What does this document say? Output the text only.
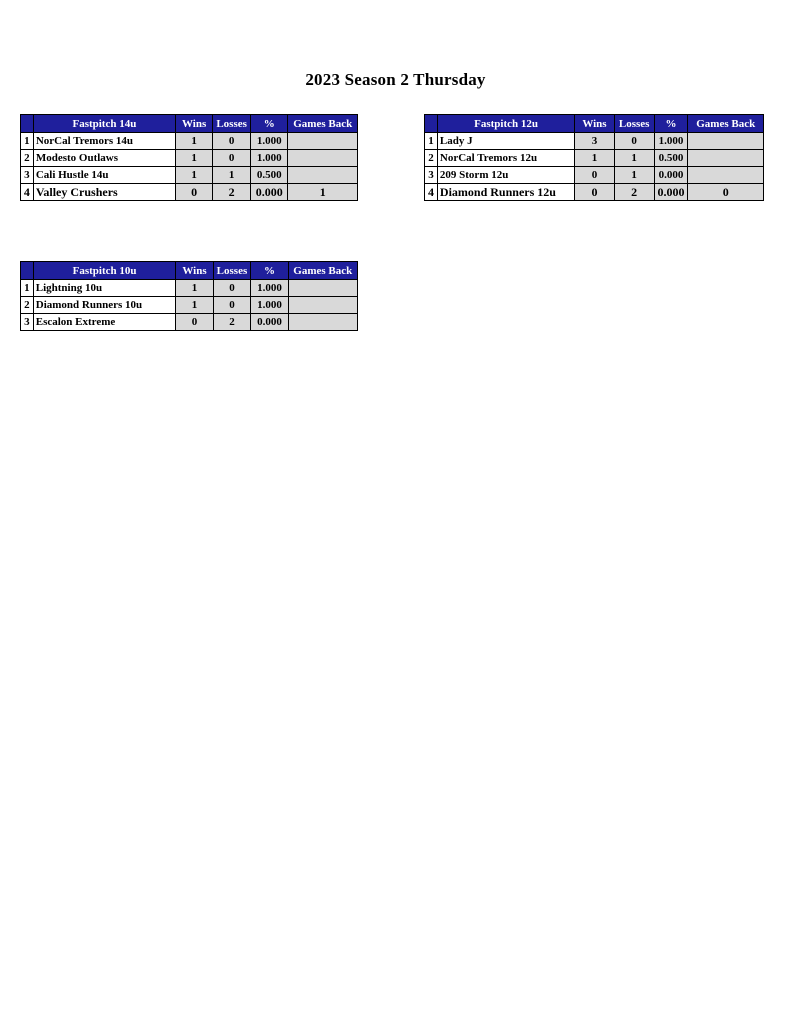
2023 Season 2 Thursday
	Fastpitch 14u	Wins	Losses	%	Games Back
1	NorCal Tremors 14u	1	0	1.000	
2	Modesto Outlaws	1	0	1.000	
3	Cali Hustle 14u	1	1	0.500	
4	Valley Crushers	0	2	0.000	1
	Fastpitch 12u	Wins	Losses	%	Games Back
1	Lady J	3	0	1.000	
2	NorCal Tremors 12u	1	1	0.500	
3	209 Storm 12u	0	1	0.000	
4	Diamond Runners 12u	0	2	0.000	0
	Fastpitch 10u	Wins	Losses	%	Games Back
1	Lightning 10u	1	0	1.000	
2	Diamond Runners 10u	1	0	1.000	
3	Escalon Extreme	0	2	0.000	
